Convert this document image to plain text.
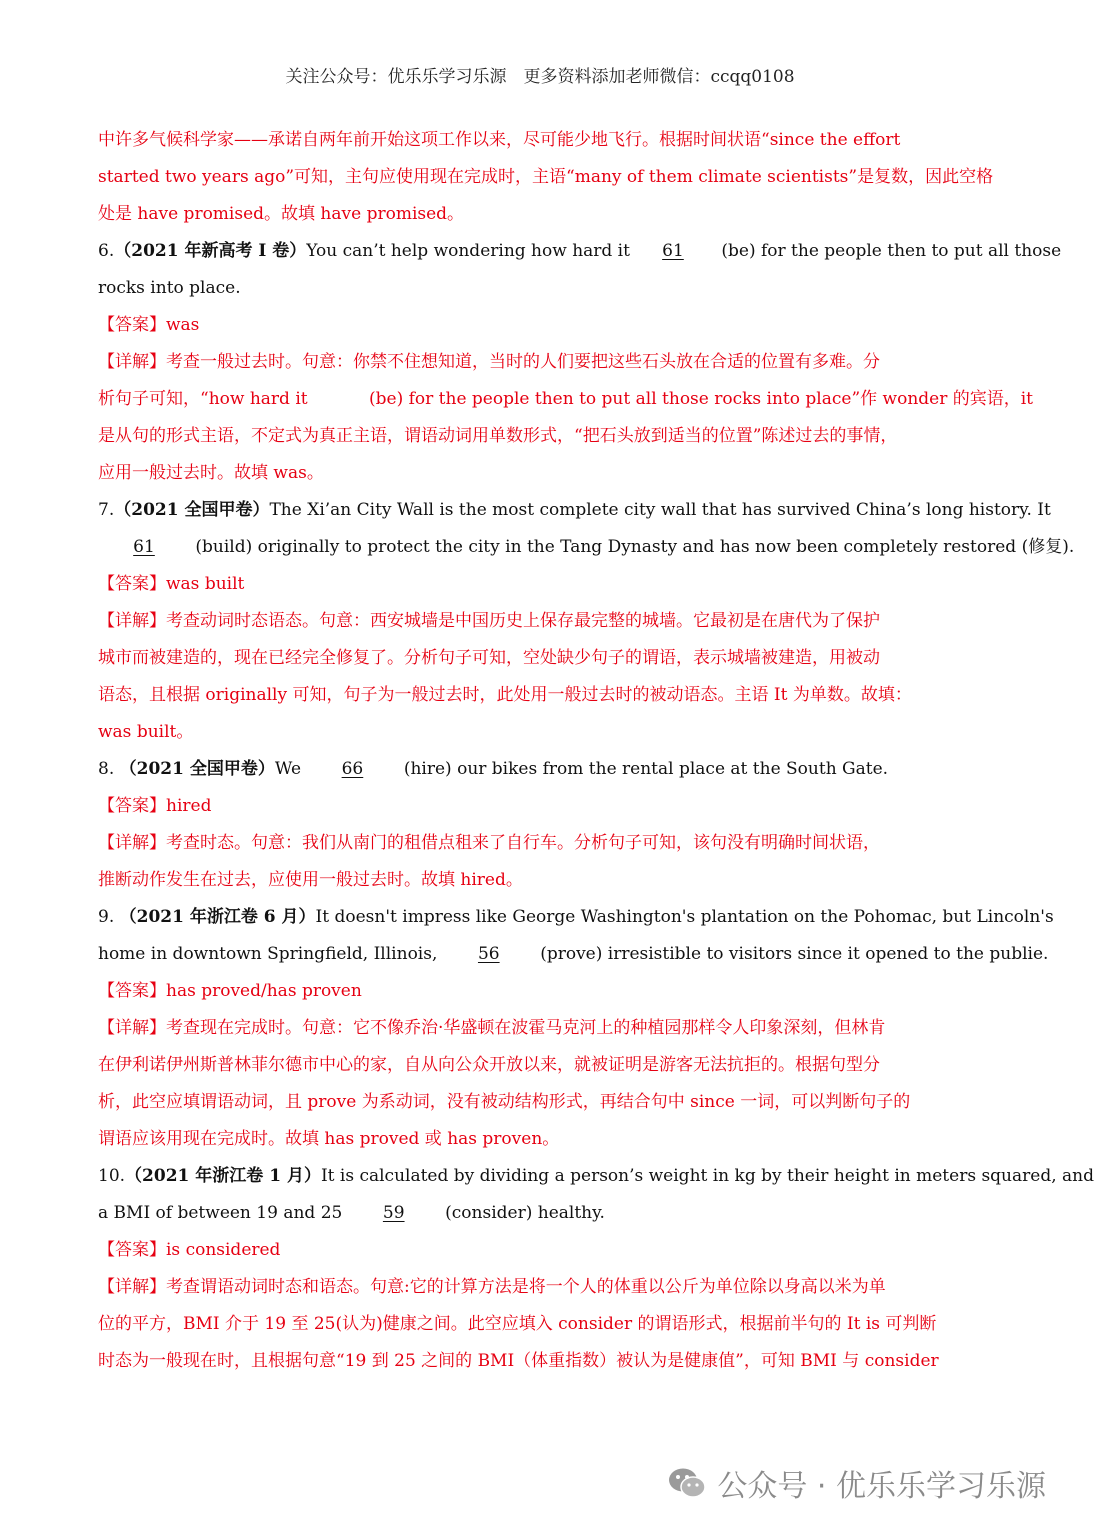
关注公众号：优乐乐学习乐源　更多资料添加老师微信：ccqq0108
中许多气候科学家——承诺自两年前开始这项工作以来，尽可能少地飞行。根据时间状语“since the effort
started two years ago”可知，主句应使用现在完成时，主语“many of them climate scientists”是复数，因此空格
处是 have promised。故填 have promised。
6.（2021 年新高考 I 卷）You can’t help wondering how hard it 61 (be) for the people then to put all those
rocks into place.
【答案】was
【详解】考查一般过去时。句意：你禁不住想知道，当时的人们要把这些石头放在合适的位置有多难。分
析句子可知，“how hard it	(be) for the people then to put all those rocks into place”作 wonder 的宾语，it
是从句的形式主语，不定式为真正主语，谓语动词用单数形式，“把石头放到适当的位置”陈述过去的事情，
应用一般过去时。故填 was。
7.（2021 全国甲卷）The Xi’an City Wall is the most complete city wall that has survived China’s long history. It
61 (build) originally to protect the city in the Tang Dynasty and has now been completely restored (修复).
【答案】was built
【详解】考查动词时态语态。句意：西安城墙是中国历史上保存最完整的城墙。它最初是在唐代为了保护
城市而被建造的，现在已经完全修复了。分析句子可知，空处缺少句子的谓语，表示城墙被建造，用被动
语态，且根据 originally 可知，句子为一般过去时，此处用一般过去时的被动语态。主语 It 为单数。故填：
was built。
8. （2021 全国甲卷）We 66 (hire) our bikes from the rental place at the South Gate.
【答案】hired
【详解】考查时态。句意：我们从南门的租借点租来了自行车。分析句子可知，该句没有明确时间状语，
推断动作发生在过去，应使用一般过去时。故填 hired。
9. （2021 年浙江卷 6 月）It doesn't impress like George Washington's plantation on the Pohomac, but Lincoln's
home in downtown Springfield, Illinois, 56 (prove) irresistible to visitors since it opened to the publie.
【答案】has proved/has proven
【详解】考查现在完成时。句意：它不像乔治·华盛顿在波霍马克河上的种植园那样令人印象深刻，但林肯
在伊利诺伊州斯普林菲尔德市中心的家，自从向公众开放以来，就被证明是游客无法抗拒的。根据句型分
析，此空应填谓语动词，且 prove 为系动词，没有被动结构形式，再结合句中 since 一词，可以判断句子的
谓语应该用现在完成时。故填 has proved 或 has proven。
10.（2021 年浙江卷 1 月）It is calculated by dividing a person’s weight in kg by their height in meters squared, and
a BMI of between 19 and 25 59 (consider) healthy.
【答案】is considered
【详解】考查谓语动词时态和语态。句意:它的计算方法是将一个人的体重以公斤为单位除以身高以米为单
位的平方，BMI 介于 19 至 25(认为)健康之间。此空应填入 consider 的谓语形式，根据前半句的 It is 可判断
时态为一般现在时，且根据句意“19 到 25 之间的 BMI（体重指数）被认为是健康值”，可知 BMI 与 consider
公众号 · 优乐乐学习乐源
